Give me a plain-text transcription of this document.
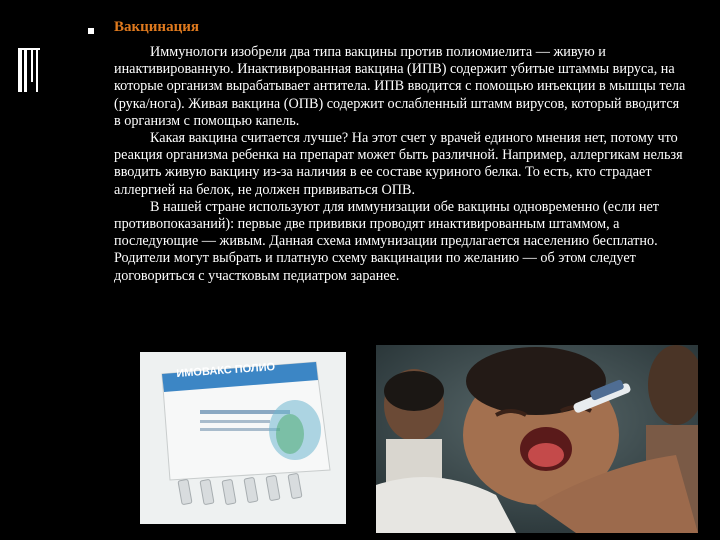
Вакцинация

Иммунологи изобрели два типа вакцины против полиомиелита — живую и инактивированную. Инактивированная вакцина (ИПВ) содержит убитые штаммы вируса, на которые организм вырабатывает антитела. ИПВ вводится с помощью инъекции в мышцы тела (рука/нога). Живая вакцина (ОПВ) содержит ослабленный штамм вирусов, который вводится в организм с помощью капель.

Какая вакцина считается лучше? На этот счет у врачей единого мнения нет, потому что реакция организма ребенка на препарат может быть различной. Например, аллергикам нельзя вводить живую вакцину из-за наличия в ее составе куриного белка. То есть, кто страдает аллергией на белок, не должен прививаться ОПВ.

В нашей стране используют для иммунизации обе вакцины одновременно (если нет противопоказаний): первые две прививки проводят инактивированным штаммом, а последующие — живым. Данная схема иммунизации предлагается населению бесплатно. Родители могут выбрать и платную схему вакцинации по желанию — об этом следует договориться с участковым педиатром заранее.

ИМОВАКС ПОЛИО
